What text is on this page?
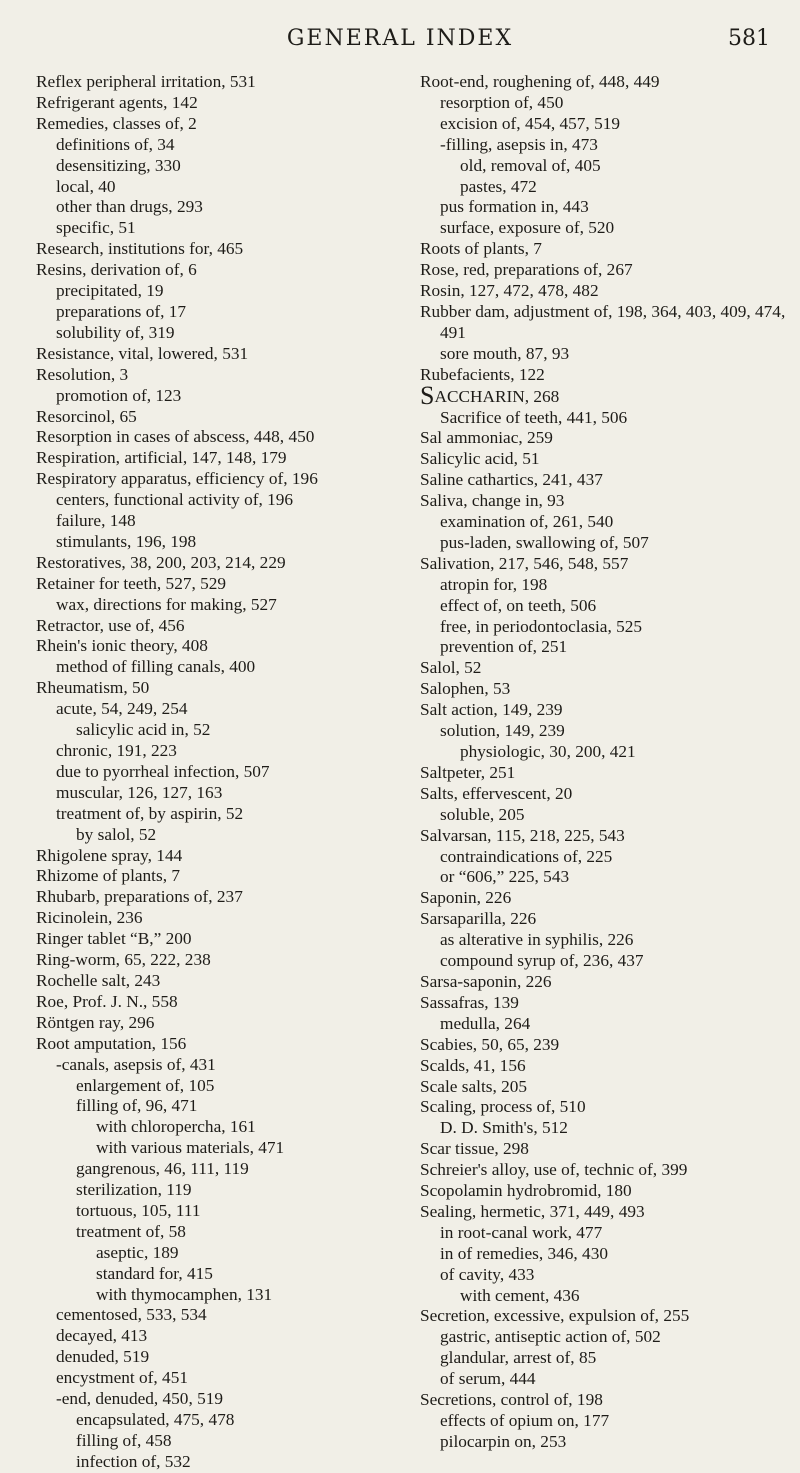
GENERAL INDEX	581
Reflex peripheral irritation, 531
Refrigerant agents, 142
Remedies, classes of, 2
definitions of, 34
desensitizing, 330
local, 40
other than drugs, 293
specific, 51
Research, institutions for, 465
Resins, derivation of, 6
precipitated, 19
preparations of, 17
solubility of, 319
Resistance, vital, lowered, 531
Resolution, 3
promotion of, 123
Resorcinol, 65
Resorption in cases of abscess, 448, 450
Respiration, artificial, 147, 148, 179
Respiratory apparatus, efficiency of, 196
centers, functional activity of, 196
failure, 148
stimulants, 196, 198
Restoratives, 38, 200, 203, 214, 229
Retainer for teeth, 527, 529
wax, directions for making, 527
Retractor, use of, 456
Rhein's ionic theory, 408
method of filling canals, 400
Rheumatism, 50
acute, 54, 249, 254
salicylic acid in, 52
chronic, 191, 223
due to pyorrheal infection, 507
muscular, 126, 127, 163
treatment of, by aspirin, 52
by salol, 52
Rhigolene spray, 144
Rhizome of plants, 7
Rhubarb, preparations of, 237
Ricinolein, 236
Ringer tablet “B,” 200
Ring-worm, 65, 222, 238
Rochelle salt, 243
Roe, Prof. J. N., 558
Röntgen ray, 296
Root amputation, 156
-canals, asepsis of, 431
enlargement of, 105
filling of, 96, 471
with chloropercha, 161
with various materials, 471
gangrenous, 46, 111, 119
sterilization, 119
tortuous, 105, 111
treatment of, 58
aseptic, 189
standard for, 415
with thymocamphen, 131
cementosed, 533, 534
decayed, 413
denuded, 519
encystment of, 451
-end, denuded, 450, 519
encapsulated, 475, 478
filling of, 458
infection of, 532
Root-end, roughening of, 448, 449
resorption of, 450
excision of, 454, 457, 519
-filling, asepsis in, 473
old, removal of, 405
pastes, 472
pus formation in, 443
surface, exposure of, 520
Roots of plants, 7
Rose, red, preparations of, 267
Rosin, 127, 472, 478, 482
Rubber dam, adjustment of, 198, 364, 403, 409, 474, 491
sore mouth, 87, 93
Rubefacients, 122
SACCHARIN, 268
Sacrifice of teeth, 441, 506
Sal ammoniac, 259
Salicylic acid, 51
Saline cathartics, 241, 437
Saliva, change in, 93
examination of, 261, 540
pus-laden, swallowing of, 507
Salivation, 217, 546, 548, 557
atropin for, 198
effect of, on teeth, 506
free, in periodontoclasia, 525
prevention of, 251
Salol, 52
Salophen, 53
Salt action, 149, 239
solution, 149, 239
physiologic, 30, 200, 421
Saltpeter, 251
Salts, effervescent, 20
soluble, 205
Salvarsan, 115, 218, 225, 543
contraindications of, 225
or “606,” 225, 543
Saponin, 226
Sarsaparilla, 226
as alterative in syphilis, 226
compound syrup of, 236, 437
Sarsa-saponin, 226
Sassafras, 139
medulla, 264
Scabies, 50, 65, 239
Scalds, 41, 156
Scale salts, 205
Scaling, process of, 510
D. D. Smith's, 512
Scar tissue, 298
Schreier's alloy, use of, technic of, 399
Scopolamin hydrobromid, 180
Sealing, hermetic, 371, 449, 493
in root-canal work, 477
in of remedies, 346, 430
of cavity, 433
with cement, 436
Secretion, excessive, expulsion of, 255
gastric, antiseptic action of, 502
glandular, arrest of, 85
of serum, 444
Secretions, control of, 198
effects of opium on, 177
pilocarpin on, 253
